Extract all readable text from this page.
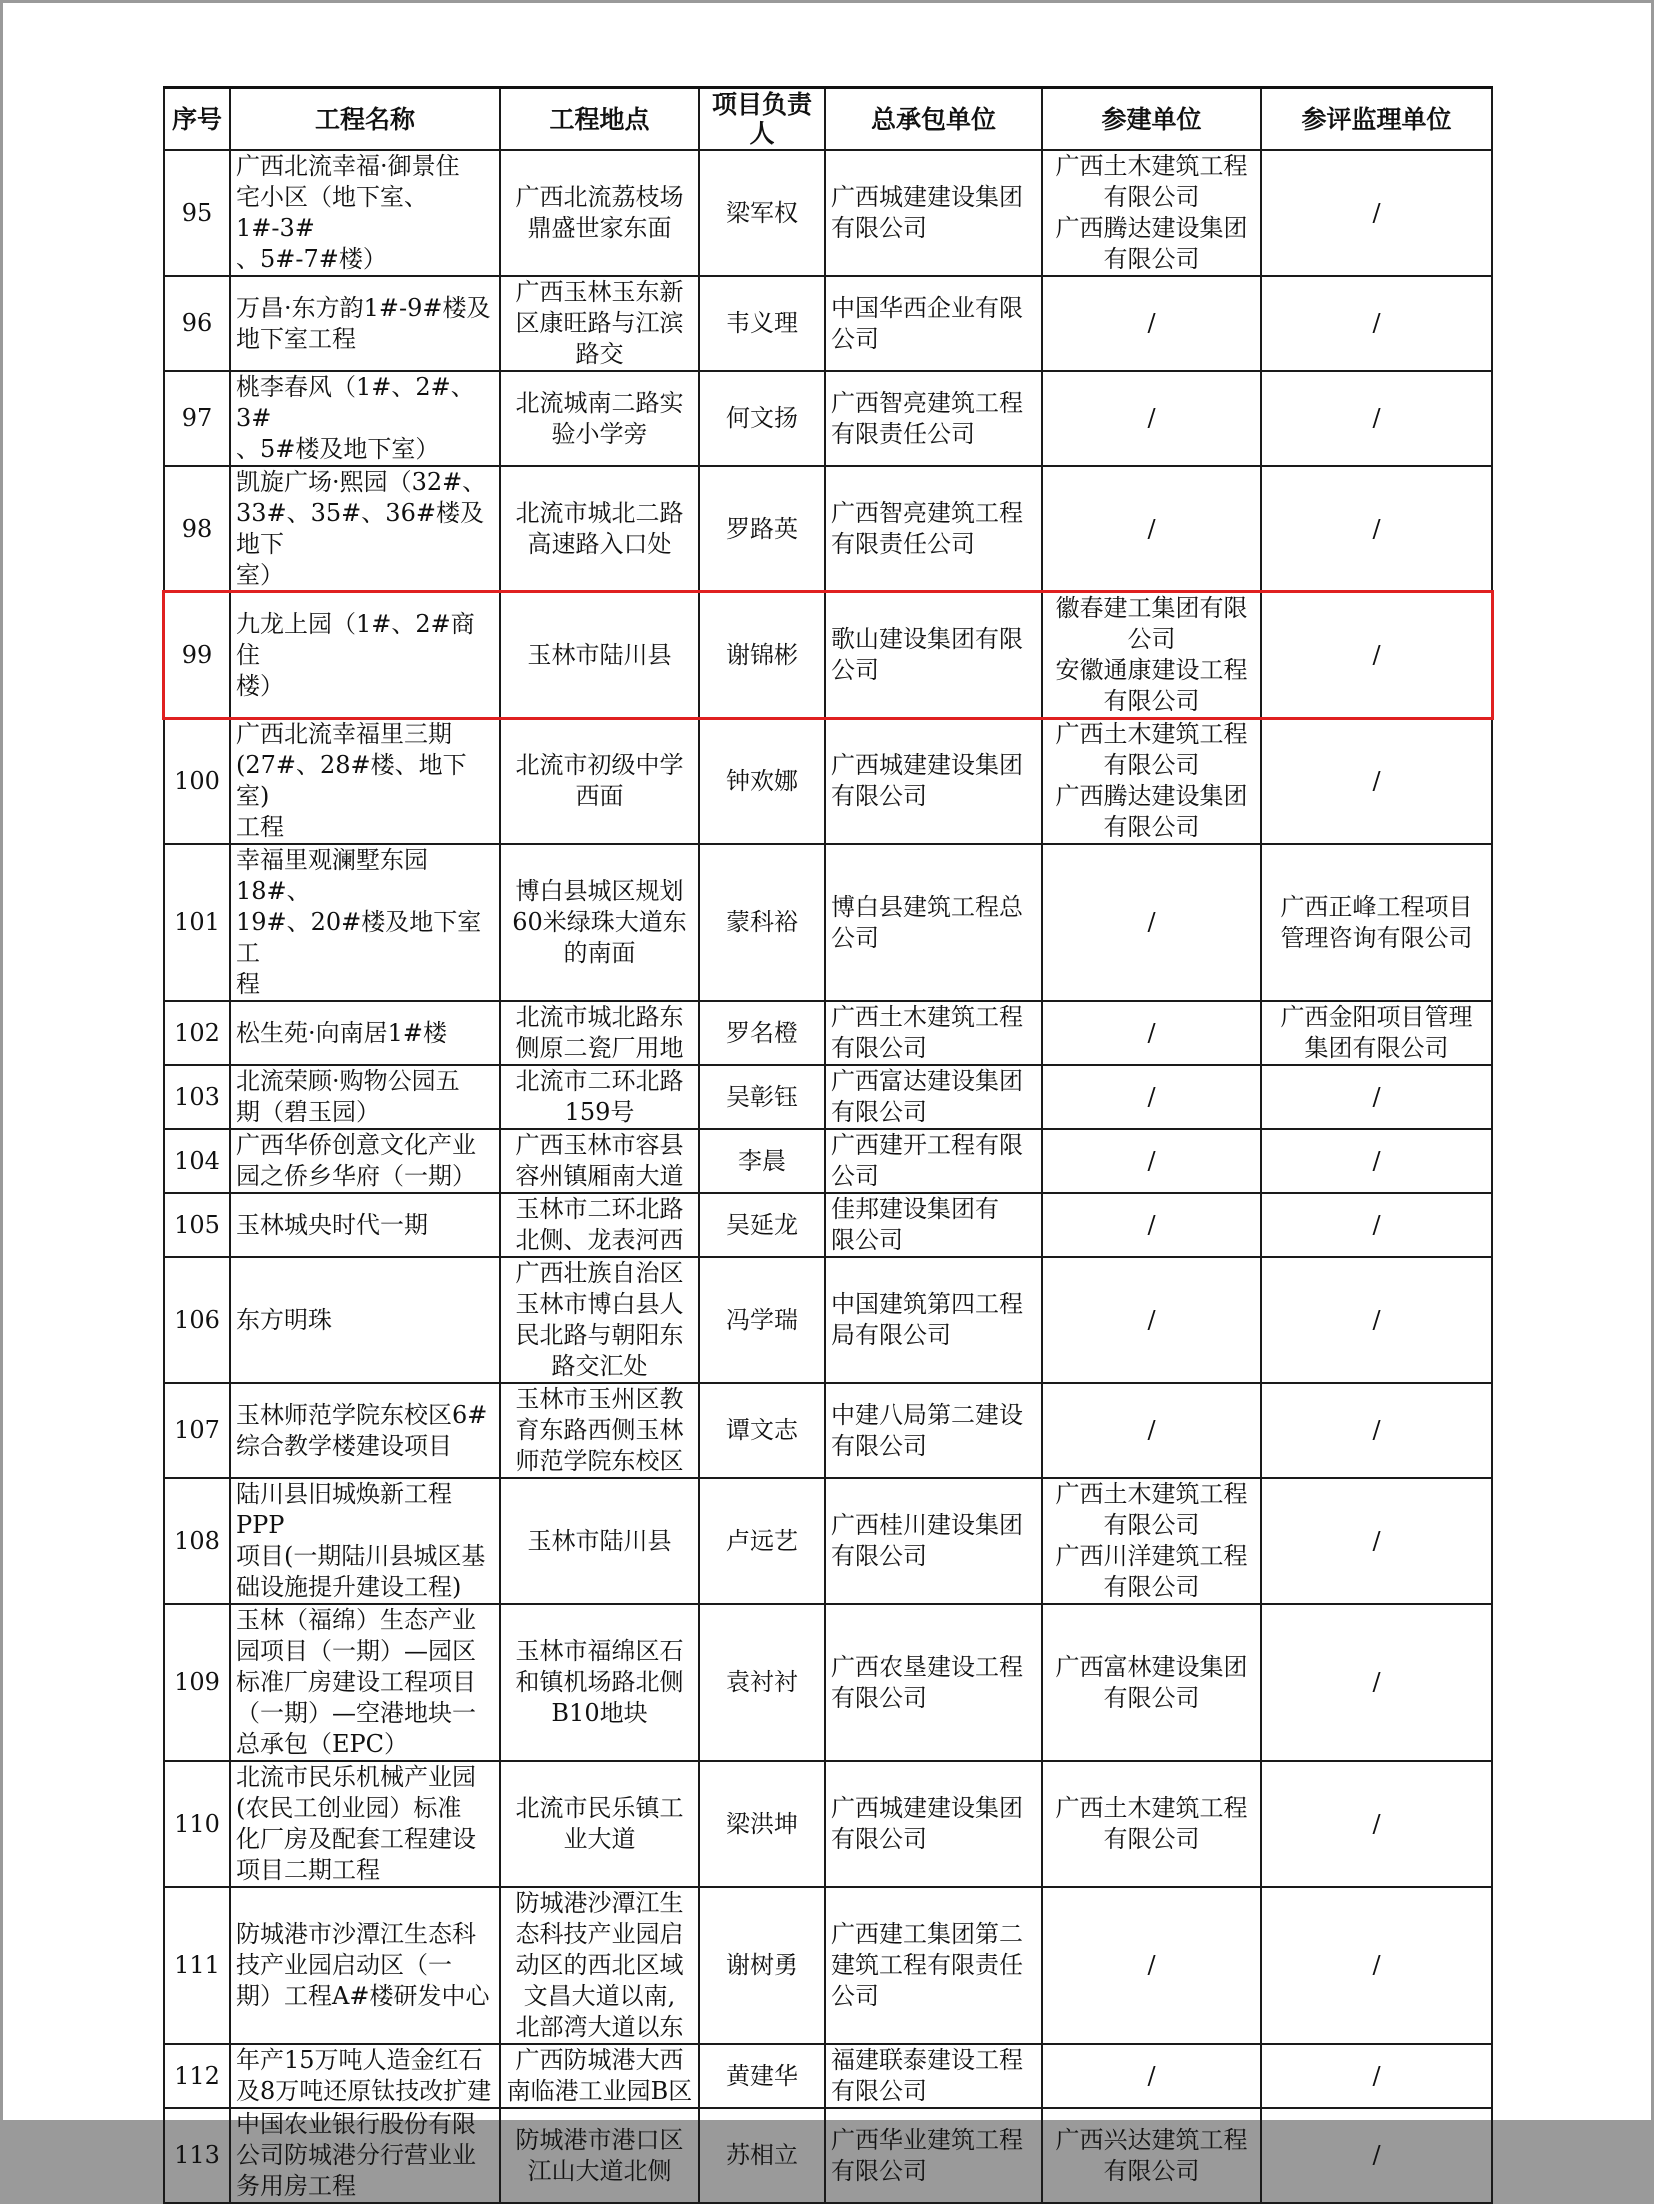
序号	工程名称	工程地点	项目负责
人	总承包单位	参建单位	参评监理单位

95	广西北流幸福·御景住
宅小区（地下室、1#-3#
、5#-7#楼）	广西北流荔枝场
鼎盛世家东面	梁军权	广西城建建设集团
有限公司	广西土木建筑工程
有限公司
广西腾达建设集团
有限公司	/

96	万昌·东方韵1#-9#楼及
地下室工程	广西玉林玉东新
区康旺路与江滨
路交	韦义理	中国华西企业有限
公司	/	/

97	桃李春风（1#、2#、3#
、5#楼及地下室）	北流城南二路实
验小学旁	何文扬	广西智亮建筑工程
有限责任公司	/	/

98	凯旋广场·熙园（32#、
33#、35#、36#楼及地下
室）	北流市城北二路
高速路入口处	罗路英	广西智亮建筑工程
有限责任公司	/	/

99	九龙上园（1#、2#商住
楼）	玉林市陆川县	谢锦彬	歌山建设集团有限
公司	徽春建工集团有限
公司
安徽通康建设工程
有限公司	/

100	广西北流幸福里三期
(27#、28#楼、地下室)
工程	北流市初级中学
西面	钟欢娜	广西城建建设集团
有限公司	广西土木建筑工程
有限公司
广西腾达建设集团
有限公司	/

101	幸福里观澜墅东园18#、
19#、20#楼及地下室工
程	博白县城区规划
60米绿珠大道东
的南面	蒙科裕	博白县建筑工程总
公司	/	广西正峰工程项目
管理咨询有限公司

102	松生苑·向南居1#楼	北流市城北路东
侧原二瓷厂用地	罗名橙	广西土木建筑工程
有限公司	/	广西金阳项目管理
集团有限公司

103	北流荣顾·购物公园五
期（碧玉园）	北流市二环北路
159号	吴彰钰	广西富达建设集团
有限公司	/	/

104	广西华侨创意文化产业
园之侨乡华府（一期）	广西玉林市容县
容州镇厢南大道	李晨	广西建开工程有限
公司	/	/

105	玉林城央时代一期	玉林市二环北路
北侧、龙表河西	吴延龙	佳邦建设集团有
限公司	/	/

106	东方明珠	广西壮族自治区
玉林市博白县人
民北路与朝阳东
路交汇处	冯学瑞	中国建筑第四工程
局有限公司	/	/

107	玉林师范学院东校区6#
综合教学楼建设项目	玉林市玉州区教
育东路西侧玉林
师范学院东校区	谭文志	中建八局第二建设
有限公司	/	/

108	陆川县旧城焕新工程PPP
项目(一期陆川县城区基
础设施提升建设工程)	玉林市陆川县	卢远艺	广西桂川建设集团
有限公司	广西土木建筑工程
有限公司
广西川洋建筑工程
有限公司	/

109	玉林（福绵）生态产业
园项目（一期）—园区
标准厂房建设工程项目
（一期）—空港地块一
总承包（EPC）	玉林市福绵区石
和镇机场路北侧
B10地块	袁衬衬	广西农垦建设工程
有限公司	广西富林建设集团
有限公司	/

110	北流市民乐机械产业园
(农民工创业园）标准
化厂房及配套工程建设
项目二期工程	北流市民乐镇工
业大道	梁洪坤	广西城建建设集团
有限公司	广西土木建筑工程
有限公司	/

111	防城港市沙潭江生态科
技产业园启动区（一
期）工程A#楼研发中心	防城港沙潭江生
态科技产业园启
动区的西北区域
文昌大道以南,
北部湾大道以东	谢树勇	广西建工集团第二
建筑工程有限责任
公司	/	/

112	年产15万吨人造金红石
及8万吨还原钛技改扩建	广西防城港大西
南临港工业园B区	黄建华	福建联泰建设工程
有限公司	/	/

113	中国农业银行股份有限
公司防城港分行营业业
务用房工程	防城港市港口区
江山大道北侧	苏相立	广西华业建筑工程
有限公司	广西兴达建筑工程
有限公司	/
